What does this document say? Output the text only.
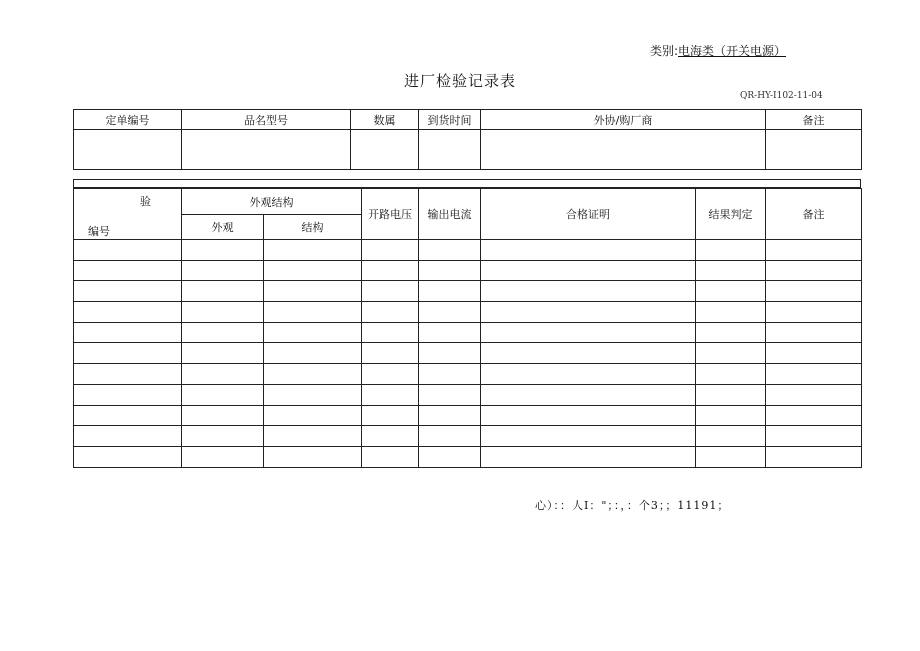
类别:电海类（开关电源）
进厂检验记录表
QR-HY-I102-11-04
定单编号	品名型号	数属	到货时间	外协/购厂商	备注

验
编号	外观结构		开路电压	输出电流	合格证明	结果判定	备注
	外观	结构					

心）：：人I："；：，：个3；；11191；
